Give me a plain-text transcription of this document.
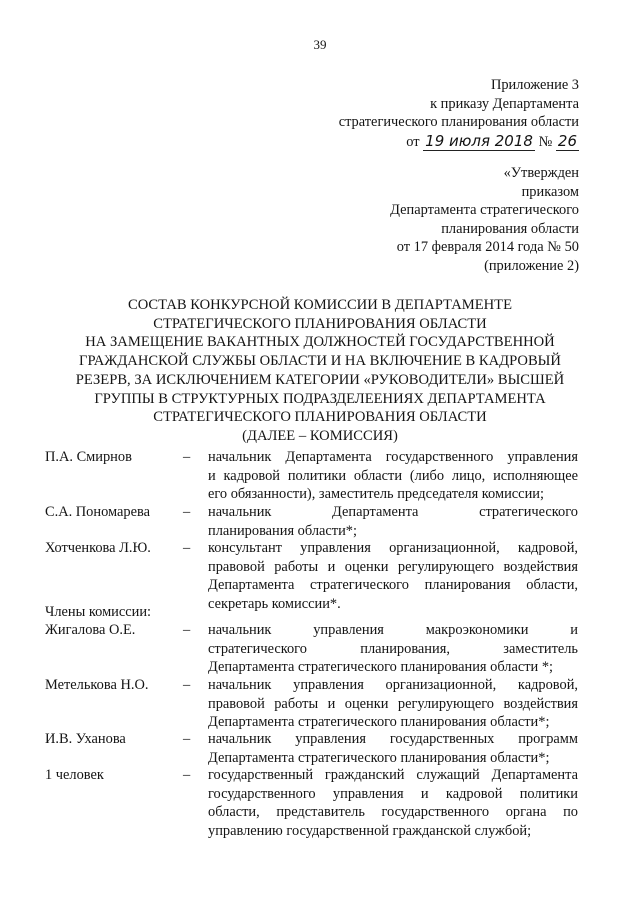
39
Приложение 3
к приказу Департамента
стратегического планирования области
от 19 июля 2018 № 26
«Утвержден
приказом
Департамента стратегического
планирования области
от 17 февраля 2014 года № 50
(приложение 2)
СОСТАВ КОНКУРСНОЙ КОМИССИИ В ДЕПАРТАМЕНТЕ
СТРАТЕГИЧЕСКОГО ПЛАНИРОВАНИЯ ОБЛАСТИ
НА ЗАМЕЩЕНИЕ ВАКАНТНЫХ ДОЛЖНОСТЕЙ ГОСУДАРСТВЕННОЙ
ГРАЖДАНСКОЙ СЛУЖБЫ ОБЛАСТИ И НА ВКЛЮЧЕНИЕ В КАДРОВЫЙ
РЕЗЕРВ, ЗА ИСКЛЮЧЕНИЕМ КАТЕГОРИИ «РУКОВОДИТЕЛИ» ВЫСШЕЙ
ГРУППЫ В СТРУКТУРНЫХ ПОДРАЗДЕЛЕЕНИЯХ ДЕПАРТАМЕНТА
СТРАТЕГИЧЕСКОГО ПЛАНИРОВАНИЯ ОБЛАСТИ
(ДАЛЕЕ – КОМИССИЯ)
П.А. Смирнов	– начальник Департамента государственного управления
и кадровой политики области (либо лицо, исполняющее
его обязанности), заместитель председателя комиссии;
С.А. Пономарева – начальник Департамента стратегического
планирования области*;
Хотченкова Л.Ю. – консультант управления организационной, кадровой,
правовой работы и оценки регулирующего воздействия
Департамента стратегического планирования области,
секретарь комиссии*.
Члены комиссии:
Жигалова О.Е.	– начальник управления макроэкономики и
стратегического планирования, заместитель
Департамента стратегического планирования области *;
Метелькова Н.О. – начальник управления организационной, кадровой,
правовой работы и оценки регулирующего воздействия
Департамента стратегического планирования области*;
И.В. Уханова	– начальник управления государственных программ
Департамента стратегического планирования области*;
1 человек	– государственный гражданский служащий Департамента
государственного управления и кадровой политики
области, представитель государственного органа по
управлению государственной гражданской службой;
